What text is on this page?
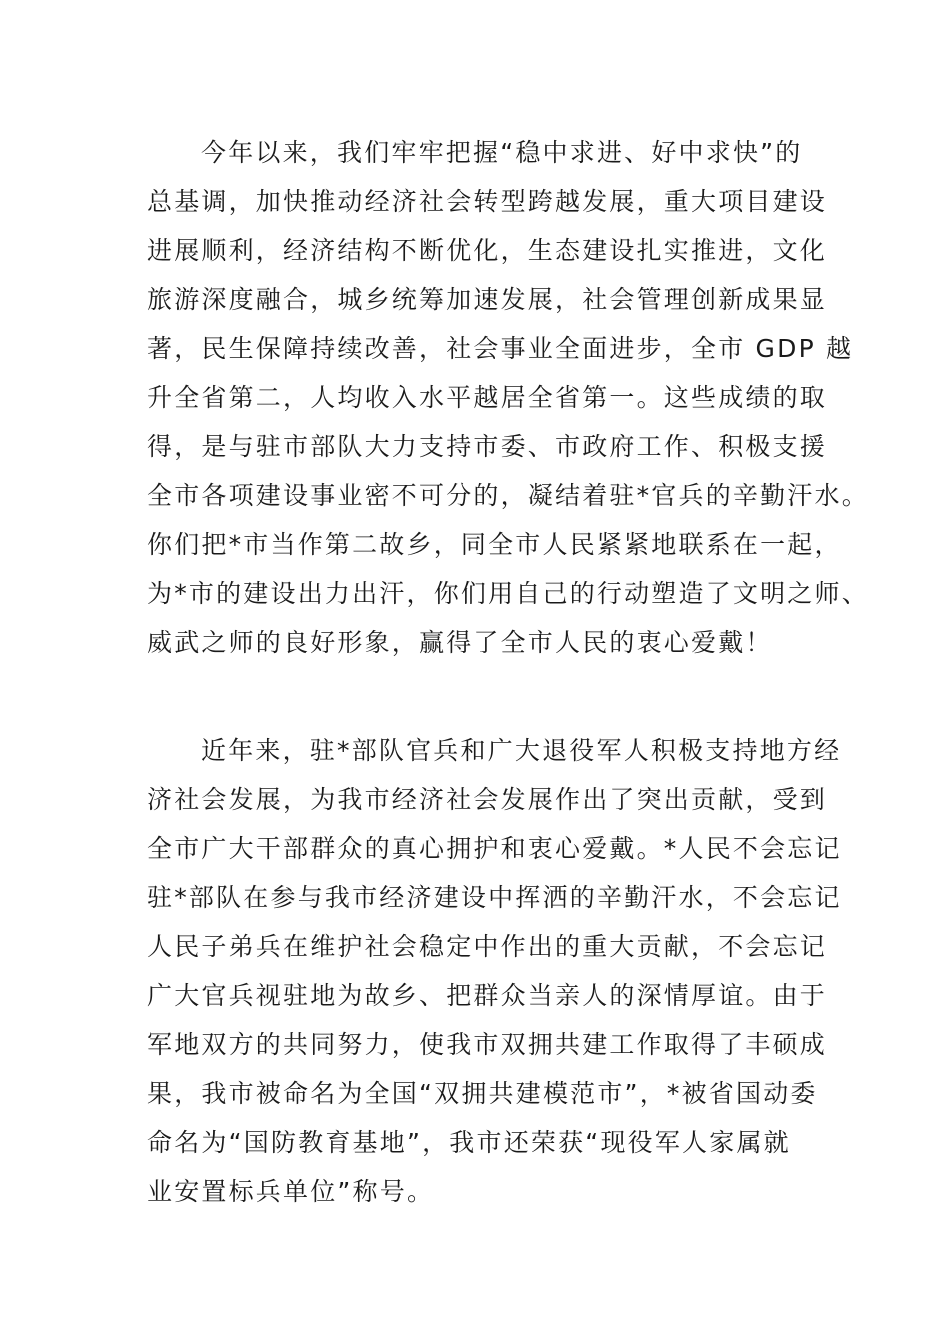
今年以来，我们牢牢把握“稳中求进、好中求快”的
总基调，加快推动经济社会转型跨越发展，重大项目建设
进展顺利，经济结构不断优化，生态建设扎实推进，文化
旅游深度融合，城乡统筹加速发展，社会管理创新成果显
著，民生保障持续改善，社会事业全面进步，全市 GDP 越
升全省第二，人均收入水平越居全省第一。这些成绩的取
得，是与驻市部队大力支持市委、市政府工作、积极支援
全市各项建设事业密不可分的，凝结着驻*官兵的辛勤汗水。
你们把*市当作第二故乡，同全市人民紧紧地联系在一起，
为*市的建设出力出汗，你们用自己的行动塑造了文明之师、
威武之师的良好形象，赢得了全市人民的衷心爱戴！
近年来，驻*部队官兵和广大退役军人积极支持地方经
济社会发展，为我市经济社会发展作出了突出贡献，受到
全市广大干部群众的真心拥护和衷心爱戴。*人民不会忘记
驻*部队在参与我市经济建设中挥洒的辛勤汗水，不会忘记
人民子弟兵在维护社会稳定中作出的重大贡献，不会忘记
广大官兵视驻地为故乡、把群众当亲人的深情厚谊。由于
军地双方的共同努力，使我市双拥共建工作取得了丰硕成
果，我市被命名为全国“双拥共建模范市”，*被省国动委
命名为“国防教育基地”，我市还荣获“现役军人家属就
业安置标兵单位”称号。
